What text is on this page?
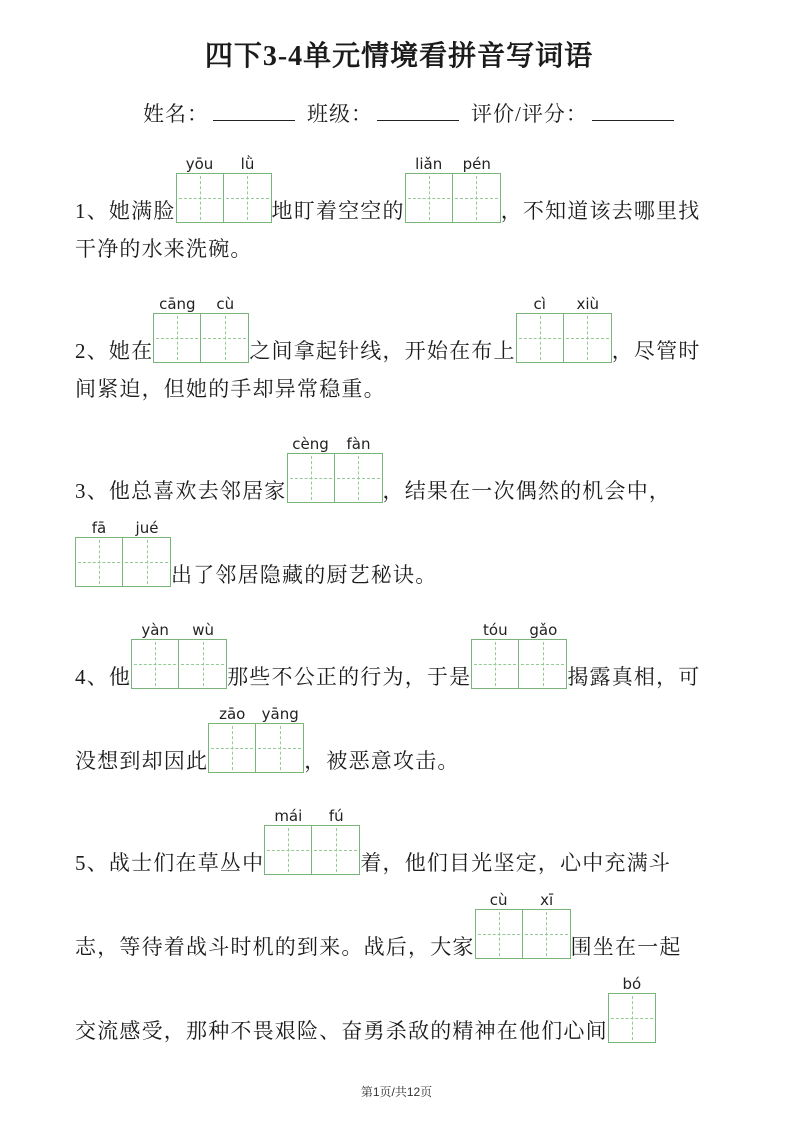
四下3-4单元情境看拼音写词语
姓名：	班级：	评价/评分：
1、她满脸
yōu	lǜ
地盯着空空的
liǎn	pén
，不知道该去哪里找
干净的水来洗碗。
2、她在
cāng	cù
之间拿起针线，开始在布上
cì	xiù
，尽管时
间紧迫，但她的手却异常稳重。
3、他总喜欢去邻居家
cèng	fàn
，结果在一次偶然的机会中，
fā	jué
出了邻居隐藏的厨艺秘诀。
4、他
yàn	wù
那些不公正的行为，于是
tóu	gǎo
揭露真相，可
没想到却因此
zāo	yāng
，被恶意攻击。
5、战士们在草丛中
mái	fú
着，他们目光坚定，心中充满斗
志，等待着战斗时机的到来。战后，大家
cù	xī
围坐在一起
交流感受，那种不畏艰险、奋勇杀敌的精神在他们心间
bó
第1页/共12页
